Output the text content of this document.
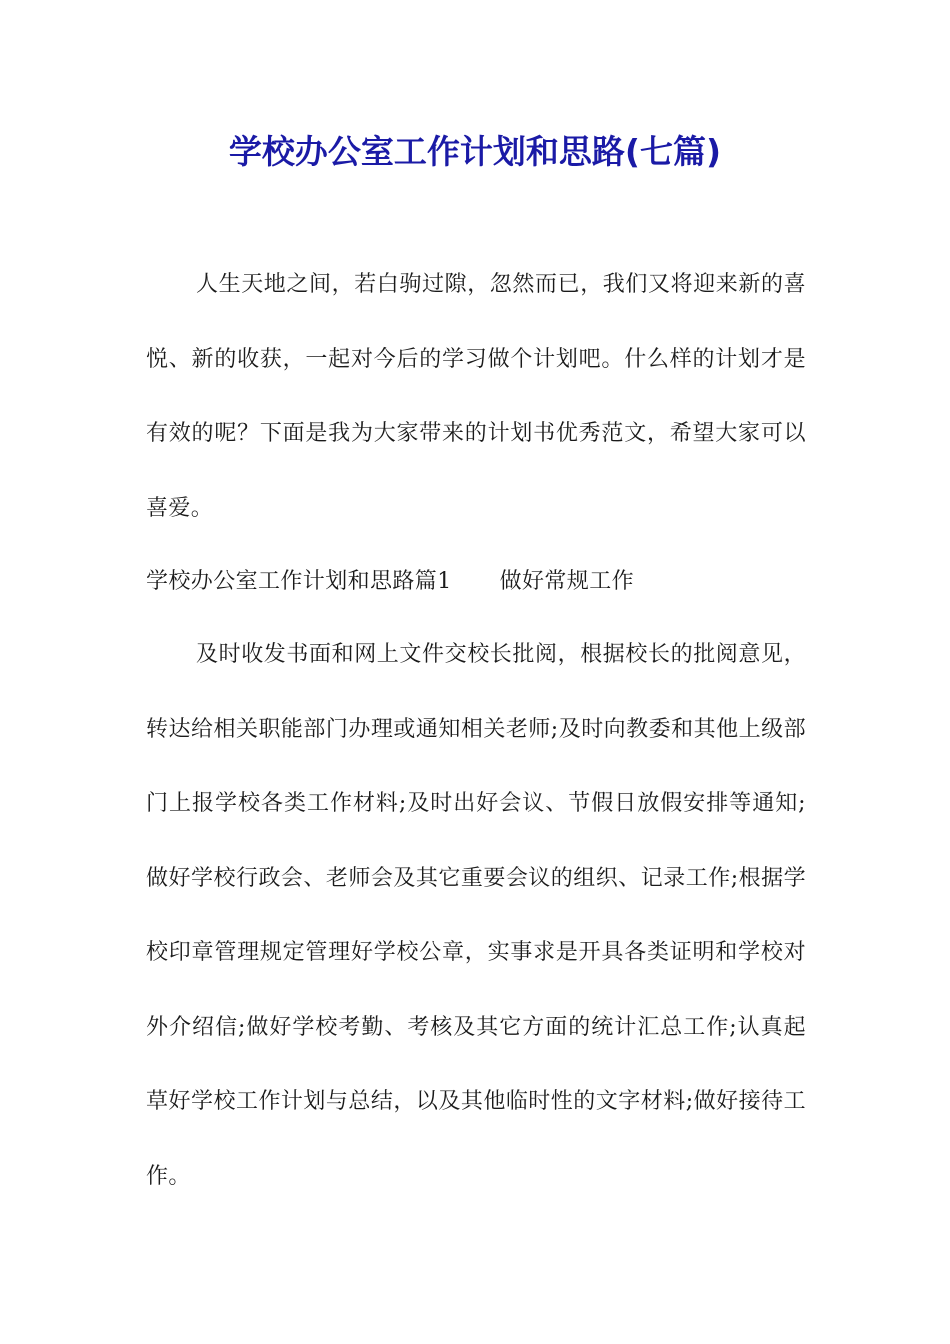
学校办公室工作计划和思路(七篇)

人生天地之间，若白驹过隙，忽然而已，我们又将迎来新的喜悦、新的收获，一起对今后的学习做个计划吧。什么样的计划才是有效的呢？下面是我为大家带来的计划书优秀范文，希望大家可以喜爱。

学校办公室工作计划和思路篇1 做好常规工作

及时收发书面和网上文件交校长批阅，根据校长的批阅意见，转达给相关职能部门办理或通知相关老师;及时向教委和其他上级部门上报学校各类工作材料;及时出好会议、节假日放假安排等通知;做好学校行政会、老师会及其它重要会议的组织、记录工作;根据学校印章管理规定管理好学校公章，实事求是开具各类证明和学校对外介绍信;做好学校考勤、考核及其它方面的统计汇总工作;认真起草好学校工作计划与总结，以及其他临时性的文字材料;做好接待工作。
